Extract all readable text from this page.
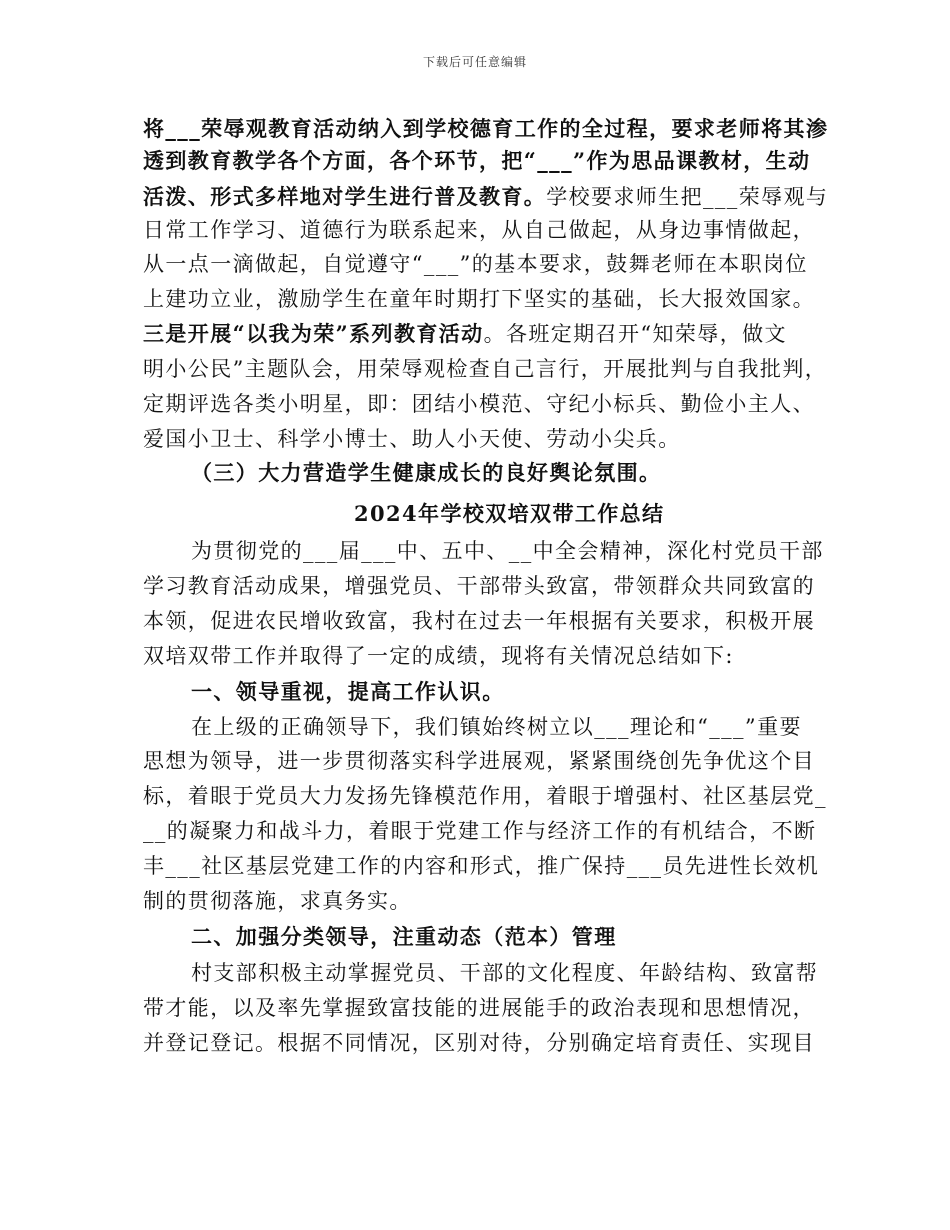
下载后可任意编辑
将___荣辱观教育活动纳入到学校德育工作的全过程，要求老师将其渗
透到教育教学各个方面，各个环节，把“___”作为思品课教材，生动
活泼、形式多样地对学生进行普及教育。学校要求师生把___荣辱观与
日常工作学习、道德行为联系起来，从自己做起，从身边事情做起，
从一点一滴做起，自觉遵守“___”的基本要求，鼓舞老师在本职岗位
上建功立业，激励学生在童年时期打下坚实的基础，长大报效国家。
三是开展“以我为荣”系列教育活动。各班定期召开“知荣辱，做文
明小公民”主题队会，用荣辱观检查自己言行，开展批判与自我批判，
定期评选各类小明星，即：团结小模范、守纪小标兵、勤俭小主人、
爱国小卫士、科学小博士、助人小天使、劳动小尖兵。
（三）大力营造学生健康成长的良好舆论氛围。
2024年学校双培双带工作总结
为贯彻党的___届___中、五中、__中全会精神，深化村党员干部
学习教育活动成果，增强党员、干部带头致富，带领群众共同致富的
本领，促进农民增收致富，我村在过去一年根据有关要求，积极开展
双培双带工作并取得了一定的成绩，现将有关情况总结如下:
一、领导重视，提高工作认识。
在上级的正确领导下，我们镇始终树立以___理论和“___”重要
思想为领导，进一步贯彻落实科学进展观，紧紧围绕创先争优这个目
标，着眼于党员大力发扬先锋模范作用，着眼于增强村、社区基层党_
__的凝聚力和战斗力，着眼于党建工作与经济工作的有机结合，不断
丰___社区基层党建工作的内容和形式，推广保持___员先进性长效机
制的贯彻落施，求真务实。
二、加强分类领导，注重动态（范本）管理
村支部积极主动掌握党员、干部的文化程度、年龄结构、致富帮
带才能，以及率先掌握致富技能的进展能手的政治表现和思想情况，
并登记登记。根据不同情况，区别对待，分别确定培育责任、实现目
